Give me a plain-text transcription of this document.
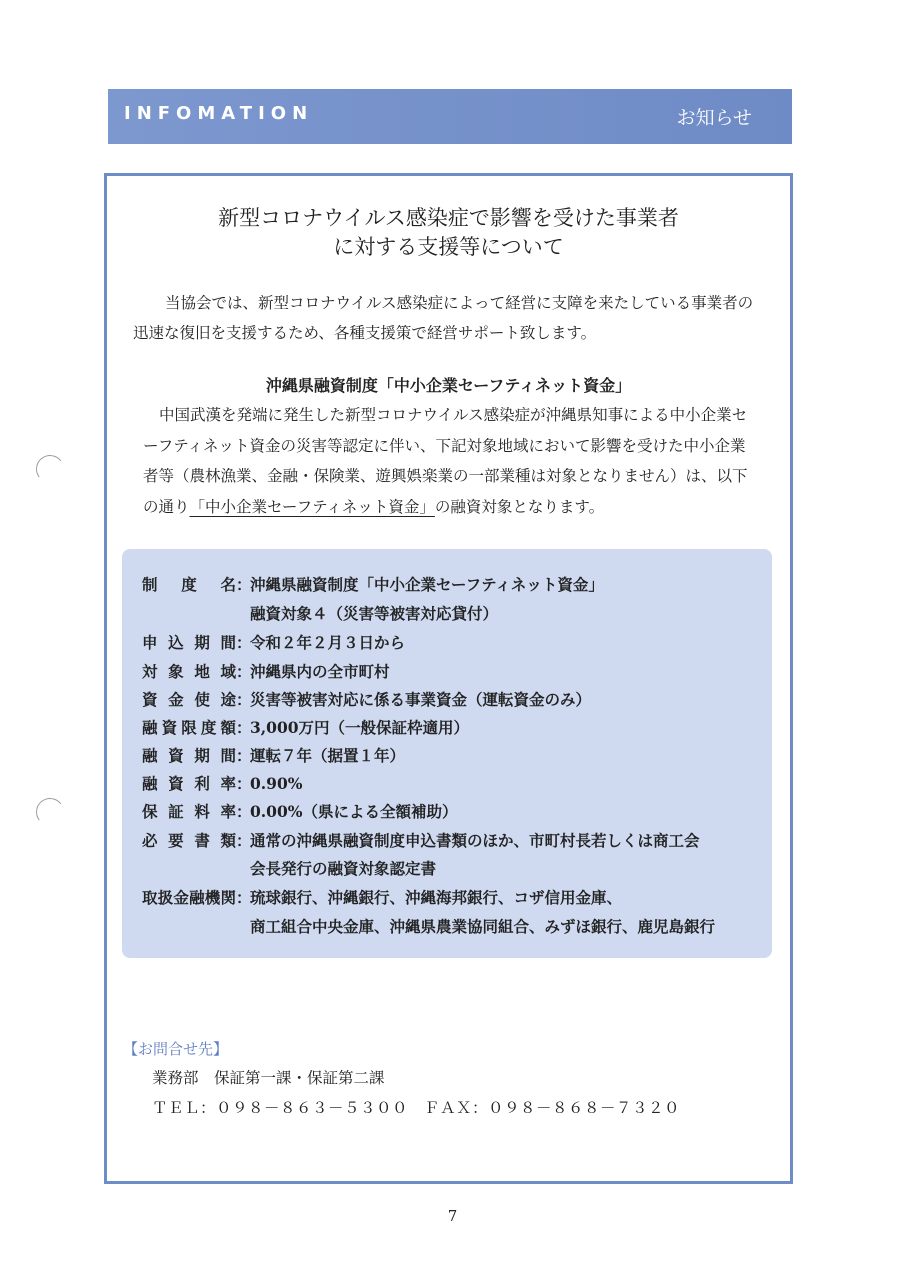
INFOMATION	お知らせ
新型コロナウイルス感染症で影響を受けた事業者
に対する支援等について
当協会では、新型コロナウイルス感染症によって経営に支障を来たしている事業者の
迅速な復旧を支援するため、各種支援策で経営サポート致します。
沖縄県融資制度「中小企業セーフティネット資金」
中国武漢を発端に発生した新型コロナウイルス感染症が沖縄県知事による中小企業セ
ーフティネット資金の災害等認定に伴い、下記対象地域において影響を受けた中小企業
者等（農林漁業、金融・保険業、遊興娯楽業の一部業種は対象となりません）は、以下
の通り「中小企業セーフティネット資金」の融資対象となります。
制度名：沖縄県融資制度「中小企業セーフティネット資金」
融資対象４（災害等被害対応貸付）
申込期間：令和２年２月３日から
対象地域：沖縄県内の全市町村
資金使途：災害等被害対応に係る事業資金（運転資金のみ）
融資限度額：3,000万円（一般保証枠適用）
融資期間：運転７年（据置１年）
融資利率：0.90%
保証料率：0.00%（県による全額補助）
必要書類：通常の沖縄県融資制度申込書類のほか、市町村長若しくは商工会
会長発行の融資対象認定書
取扱金融機関：琉球銀行、沖縄銀行、沖縄海邦銀行、コザ信用金庫、
商工組合中央金庫、沖縄県農業協同組合、みずほ銀行、鹿児島銀行
【お問合せ先】
業務部　保証第一課・保証第二課
ＴＥＬ：０９８－８６３－５３００　ＦＡＸ：０９８－８６８－７３２０
7
